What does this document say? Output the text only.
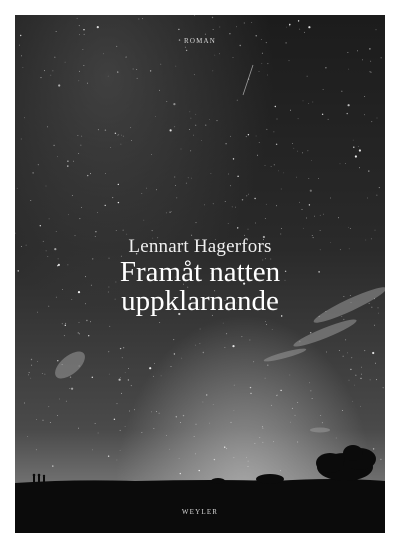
ROMAN
Lennart Hagerfors
Framåt natten
uppklarnande
WEYLER
